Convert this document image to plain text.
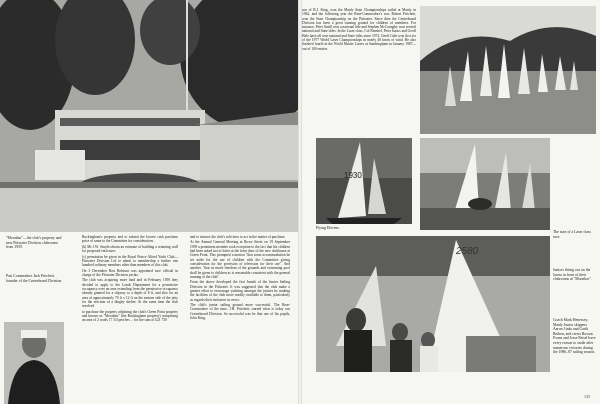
"Moonbar"—the club's property and new Pittwater Division clubrooms from 1959.
Past Commodore Jack Pritchett, founder of the Centreboard Division.

Buckingham's property and to submit the lowest cash purchase price of same to the Committee for consideration;

(b) Mr J.W. Smyth obtain an estimate of building a retaining wall for proposed enclosure;

(c) permission be given in the Royal Prince Alfred Yacht Club—Pittwater Division Ltd to admit to membership a further one hundred ordinary members other than members of this club.

On 3 December Ron Robison was appointed race official in charge of the Pittwater Division yachts.

The club was acquiring more land and in February 1959 they decided to apply to the Lands Department for a permissive occupancy over an area extending from the permissive occupancy already granted for a slipway to a depth of 8 ft, and also for an area of approximately 70 ft x 12 ft on the eastern side of the jetty for the erection of a dinghy shelter. At the same time the club resolved

to purchase the property adjoining the club's Green Point property and known as "Moonbar" (the Buckingham property) comprising an area of 2 roods 17 3/4 perches ... for the sum of £21 750

and to instruct the club's solicitors to act in the matter of purchase.

At the Annual General Meeting at Rowe Street on 19 September 1959 a prominent member took exception to the fact that his children had been asked not to loiter at the front door of the new clubhouse at Green Point. This prompted a motion "that some accommodation be set aside for the use of children with the Committee giving consideration for the provision of television for their use". And another, "that as much freedom of the grounds and swimming pool shall be given to children as is reasonable consistent with the general running of the club".

From the above developed the first breath of the Junior Sailing Division in the Pittwater. It was suggested that the club make a greater effort to encourage yachting amongst the juniors by making the facilities of the club more readily available to them, particularly as regards their inclusion in crews.

The club's junior sailing ground more successful. The Rear-Commodore of the time, J.H. Pritchett, started what is today our Centreboard Division. So successful was he that one of his pupils, John King,

son of B.J. King, won the Manly State Championships sailed at Manly in 1962, and the following year the Rear-Commodore's son, Robert Pritchett, won the State Championship on the Pittwater. Since then the Centreboard Division has been a great training ground for children of members. For instance, Peter Antill won a national title and Stephen McConaghy won several national and State titles. In the Laser class, Col Beashel, Peter Isaacs and Geoff Hale have all won national and State titles since 1974. Geoff Gale won first six of the 1977 World Laser Championships in nearly 40 knots of wind. He also finished fourth in the World Master Lasers at Sandringham in January 1987—out of 100 entries.

1930
Flying Elevens.
The start of a Laser class race.
2580
Juniors fitting out on the lawns in front of their clubrooms at "Moonbar".
Coach Mark Henessey, Manly Junior skippers Aaron Links and Garth Bethen, and crews Rowan Evans and Jesse Paisel have every reason to smile after numerous victories during the 1986–87 sailing season.
133
